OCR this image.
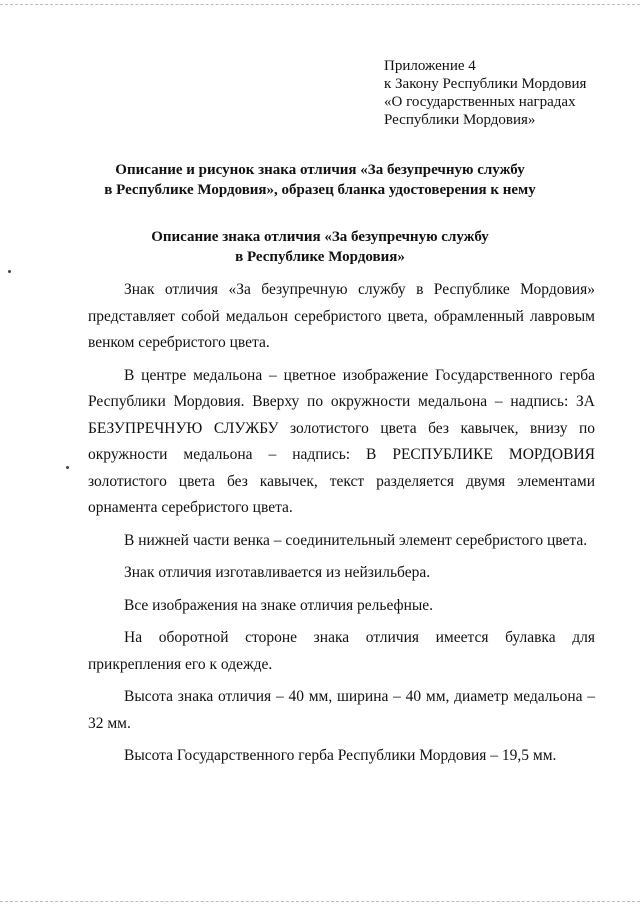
Приложение 4
к Закону Республики Мордовия
«О государственных наградах
Республики Мордовия»
Описание и рисунок знака отличия «За безупречную службу
в Республике Мордовия», образец бланка удостоверения к нему
Описание знака отличия «За безупречную службу
в Республике Мордовия»

Знак отличия «За безупречную службу в Республике Мордовия» представляет собой медальон серебристого цвета, обрамленный лавровым венком серебристого цвета.

В центре медальона – цветное изображение Государственного герба Республики Мордовия. Вверху по окружности медальона – надпись: ЗА БЕЗУПРЕЧНУЮ СЛУЖБУ золотистого цвета без кавычек, внизу по окружности медальона – надпись: В РЕСПУБЛИКЕ МОРДОВИЯ золотистого цвета без кавычек, текст разделяется двумя элементами орнамента серебристого цвета.

В нижней части венка – соединительный элемент серебристого цвета.

Знак отличия изготавливается из нейзильбера.

Все изображения на знаке отличия рельефные.

На оборотной стороне знака отличия имеется булавка для прикрепления его к одежде.

Высота знака отличия – 40 мм, ширина – 40 мм, диаметр медальона – 32 мм.

Высота Государственного герба Республики Мордовия – 19,5 мм.
